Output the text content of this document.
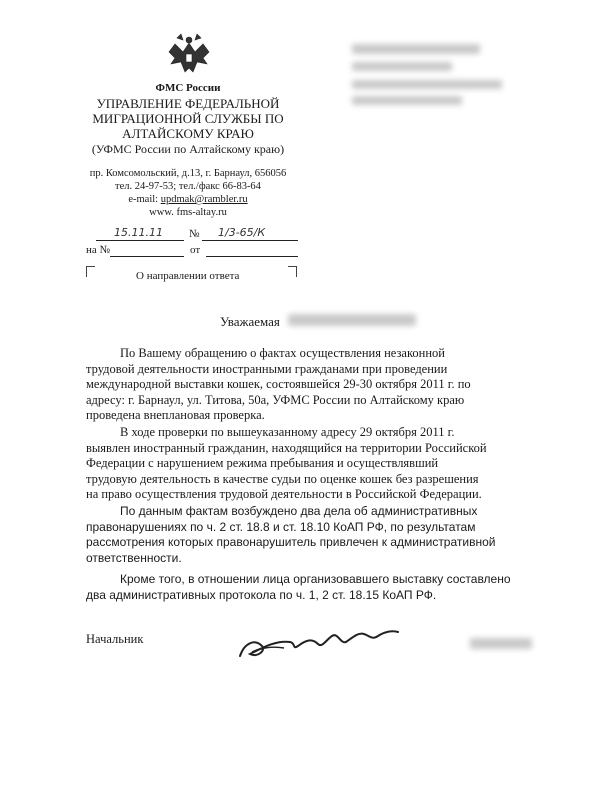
ФМС России
УПРАВЛЕНИЕ ФЕДЕРАЛЬНОЙ
МИГРАЦИОННОЙ СЛУЖБЫ ПО
АЛТАЙСКОМУ КРАЮ
(УФМС России по Алтайскому краю)
пр. Комсомольский, д.13, г. Барнаул, 656056
тел. 24-97-53; тел./факс 66-83-64
e-mail: updmak@rambler.ru
www. fms-altay.ru
15.11.11 № 1/3-65/К
на №	от
О направлении ответа
Уважаемая
По Вашему обращению о фактах осуществления незаконной
трудовой деятельности иностранными гражданами при проведении
международной выставки кошек, состоявшейся 29-30 октября 2011 г. по
адресу: г. Барнаул, ул. Титова, 50а, УФМС России по Алтайскому краю
проведена внеплановая проверка.
В ходе проверки по вышеуказанному адресу 29 октября 2011 г.
выявлен иностранный гражданин, находящийся на территории Российской
Федерации с нарушением режима пребывания и осуществлявший
трудовую деятельность в качестве судьи по оценке кошек без разрешения
на право осуществления трудовой деятельности в Российской Федерации.
По данным фактам возбуждено два дела об административных
правонарушениях по ч. 2 ст. 18.8 и ст. 18.10 КоАП РФ, по результатам
рассмотрения которых правонарушитель привлечен к административной
ответственности.
Кроме того, в отношении лица организовавшего выставку составлено
два административных протокола по ч. 1, 2 ст. 18.15 КоАП РФ.
Начальник
